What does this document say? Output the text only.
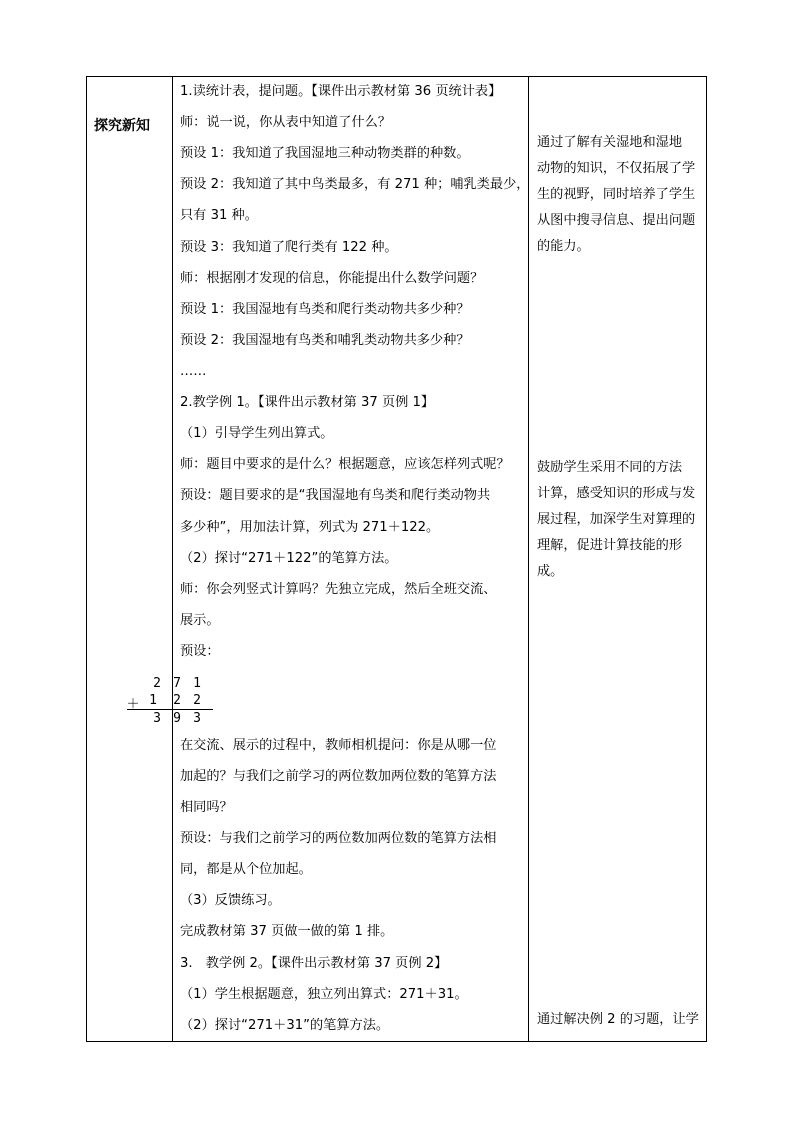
探究新知
1.读统计表，提问题。【课件出示教材第 36 页统计表】
师：说一说，你从表中知道了什么？
预设 1：我知道了我国湿地三种动物类群的种数。
预设 2：我知道了其中鸟类最多，有 271 种；哺乳类最少，
只有 31 种。
预设 3：我知道了爬行类有 122 种。
师：根据刚才发现的信息，你能提出什么数学问题？
预设 1：我国湿地有鸟类和爬行类动物共多少种？
预设 2：我国湿地有鸟类和哺乳类动物共多少种？
……
2.教学例 1。【课件出示教材第 37 页例 1】
（1）引导学生列出算式。
师：题目中要求的是什么？根据题意，应该怎样列式呢？
预设：题目要求的是“我国湿地有鸟类和爬行类动物共
多少种”，用加法计算，列式为 271＋122。
（2）探讨“271＋122”的笔算方法。
师：你会列竖式计算吗？先独立完成，然后全班交流、
展示。
预设：
在交流、展示的过程中，教师相机提问：你是从哪一位
加起的？与我们之前学习的两位数加两位数的笔算方法
相同吗？
预设：与我们之前学习的两位数加两位数的笔算方法相
同，都是从个位加起。
（3）反馈练习。
完成教材第 37 页做一做的第 1 排。
3.　教学例 2。【课件出示教材第 37 页例 2】
（1）学生根据题意，独立列出算式：271＋31。
（2）探讨“271＋31”的笔算方法。
通过了解有关湿地和湿地
动物的知识，不仅拓展了学
生的视野，同时培养了学生
从图中搜寻信息、提出问题
的能力。
鼓励学生采用不同的方法
计算，感受知识的形成与发
展过程，加深学生对算理的
理解，促进计算技能的形
成。
通过解决例 2 的习题，让学
2 7 1
＋ 1 2 2
3 9 3
